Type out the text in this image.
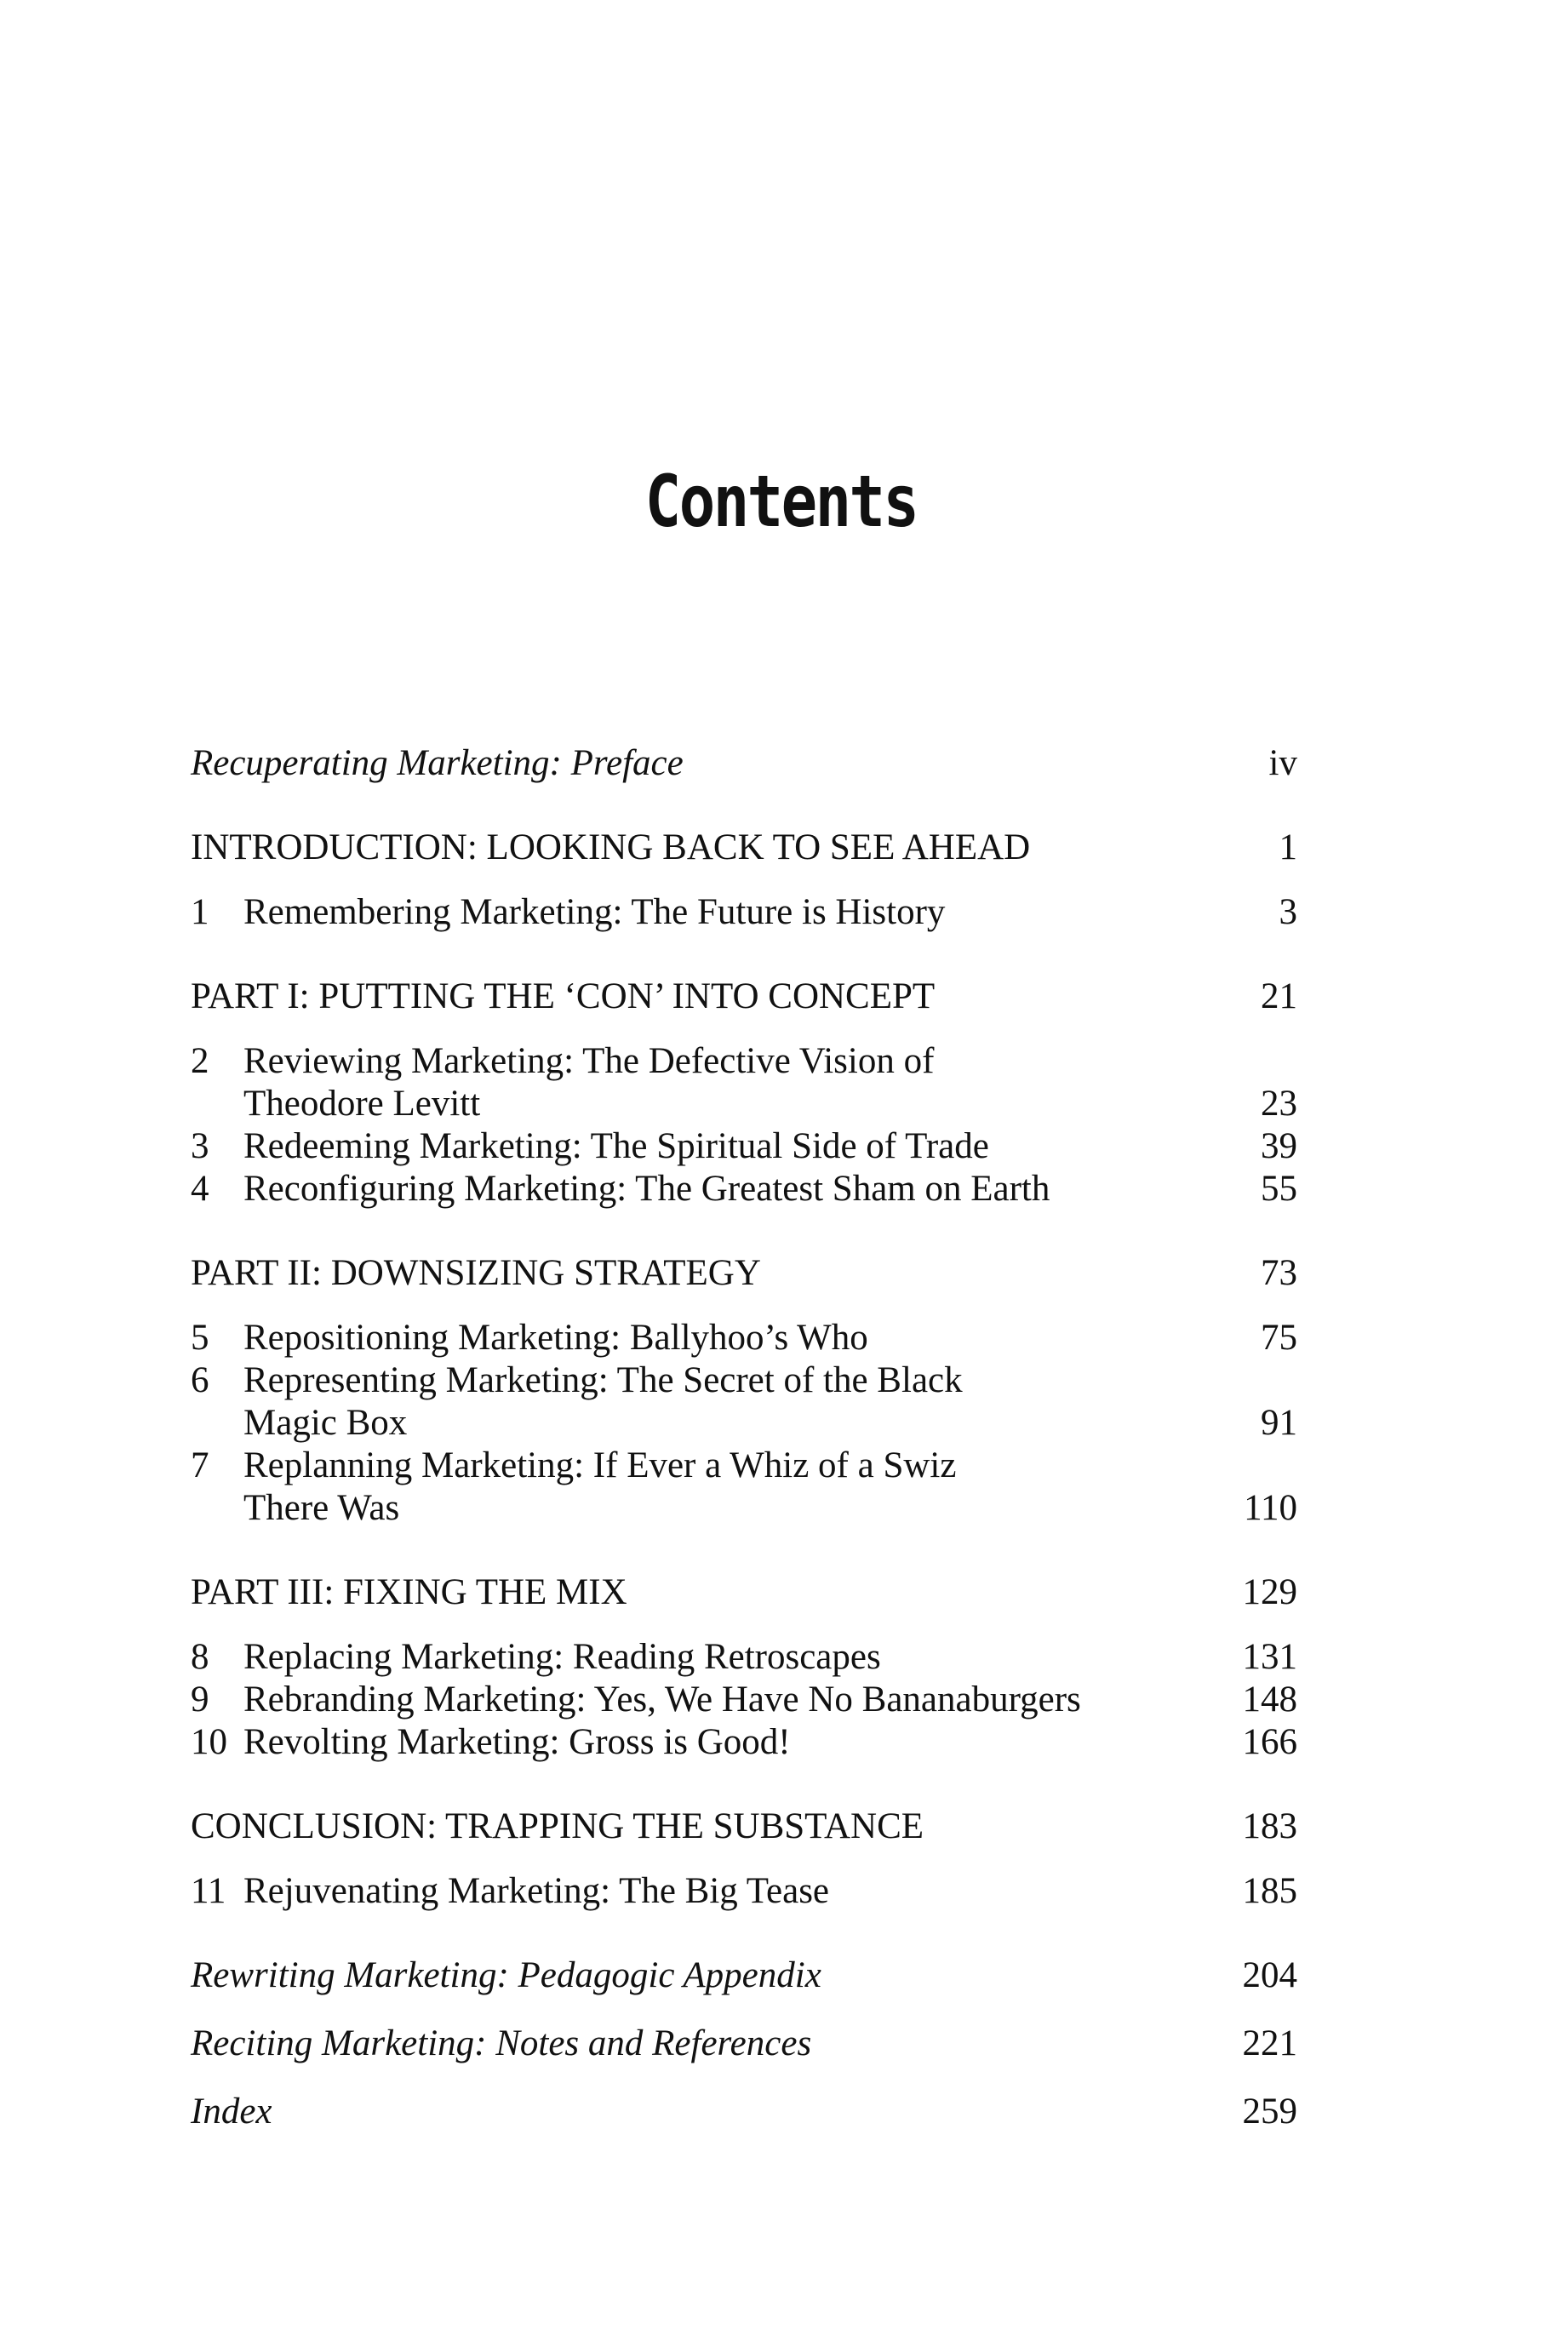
Contents
Recuperating Marketing: Preface	iv
INTRODUCTION: LOOKING BACK TO SEE AHEAD	1
1 Remembering Marketing: The Future is History	3
PART I: PUTTING THE ‘CON’ INTO CONCEPT	21
2 Reviewing Marketing: The Defective Vision of
Theodore Levitt	23
3 Redeeming Marketing: The Spiritual Side of Trade	39
4 Reconfiguring Marketing: The Greatest Sham on Earth	55
PART II: DOWNSIZING STRATEGY	73
5 Repositioning Marketing: Ballyhoo’s Who	75
6 Representing Marketing: The Secret of the Black
Magic Box	91
7 Replanning Marketing: If Ever a Whiz of a Swiz
There Was	110
PART III: FIXING THE MIX	129
8 Replacing Marketing: Reading Retroscapes	131
9 Rebranding Marketing: Yes, We Have No Bananaburgers	148
10 Revolting Marketing: Gross is Good!	166
CONCLUSION: TRAPPING THE SUBSTANCE	183
11 Rejuvenating Marketing: The Big Tease	185
Rewriting Marketing: Pedagogic Appendix	204
Reciting Marketing: Notes and References	221
Index	259
